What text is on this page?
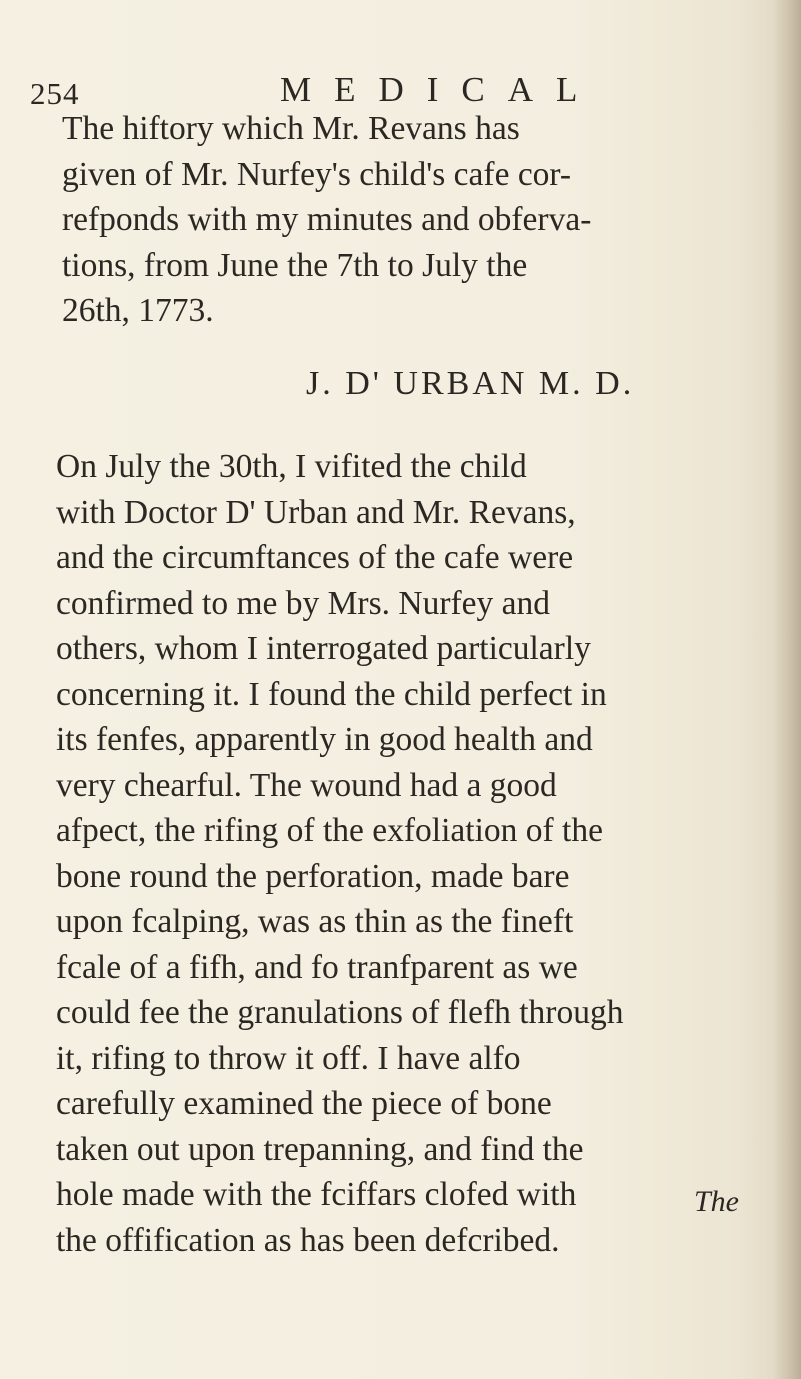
254	MEDICAL
The hiftory which Mr. Revans has
given of Mr. Nurfey's child's cafe cor-
refponds with my minutes and obferva-
tions, from June the 7th to July the
26th, 1773.
J. D' URBAN M. D.
On July the 30th, I vifited the child
with Doctor D' Urban and Mr. Revans,
and the circumftances of the cafe were
confirmed to me by Mrs. Nurfey and
others, whom I interrogated particularly
concerning it. I found the child perfect in
its fenfes, apparently in good health and
very chearful. The wound had a good
afpect, the rifing of the exfoliation of the
bone round the perforation, made bare
upon fcalping, was as thin as the fineft
fcale of a fifh, and fo tranfparent as we
could fee the granulations of flefh through
it, rifing to throw it off. I have alfo
carefully examined the piece of bone
taken out upon trepanning, and find the
hole made with the fciffars clofed with
the offification as has been defcribed.
The
